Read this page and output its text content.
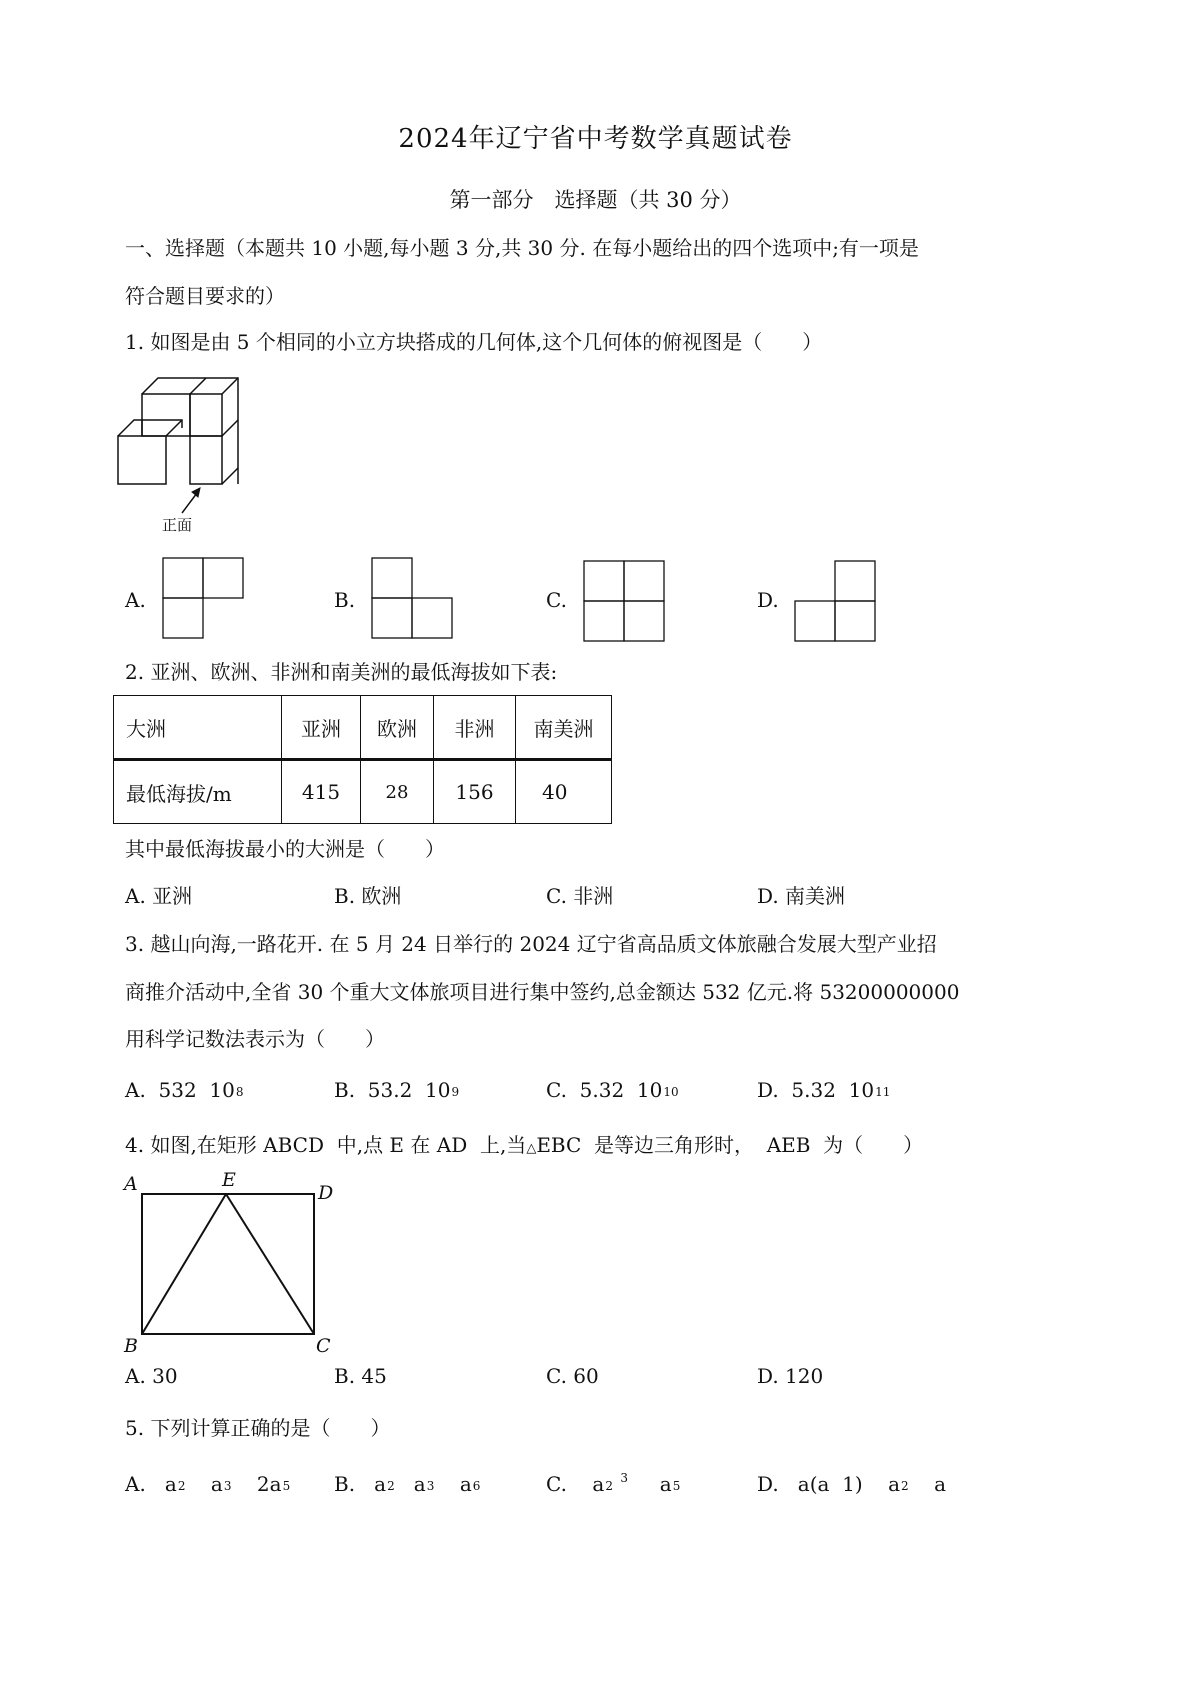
2024年辽宁省中考数学真题试卷
第一部分　选择题（共 30 分）
一、选择题（本题共 10 小题,每小题 3 分,共 30 分. 在每小题给出的四个选项中;有一项是
符合题目要求的）
1. 如图是由 5 个相同的小立方块搭成的几何体,这个几何体的俯视图是（　　）
正面
A.	B.	C.	D.
2. 亚洲、欧洲、非洲和南美洲的最低海拔如下表:
大洲	亚洲	欧洲	非洲	南美洲
最低海拔/m	415	28	156	40
其中最低海拔最小的大洲是（　　）
A. 亚洲	B. 欧洲	C. 非洲	D. 南美洲
3. 越山向海,一路花开. 在 5 月 24 日举行的 2024 辽宁省高品质文体旅融合发展大型产业招
商推介活动中,全省 30 个重大文体旅项目进行集中签约,总金额达 532 亿元.将 53200000000
用科学记数法表示为（　　）
A. 532  108	B. 53.2  109	C. 5.32  1010	D. 5.32  1011
4. 如图,在矩形 ABCD  中,点 E 在 AD  上,当△EBC  是等边三角形时，  AEB  为（　　）
A	E
D
B	C
A. 30	B. 45	C. 60	D. 120
5. 下列计算正确的是（　　）
A. a2 a3 2a5 B. a2 a3 a6	C. a2 $^3$ a5	D. a(a  1) a2 a
